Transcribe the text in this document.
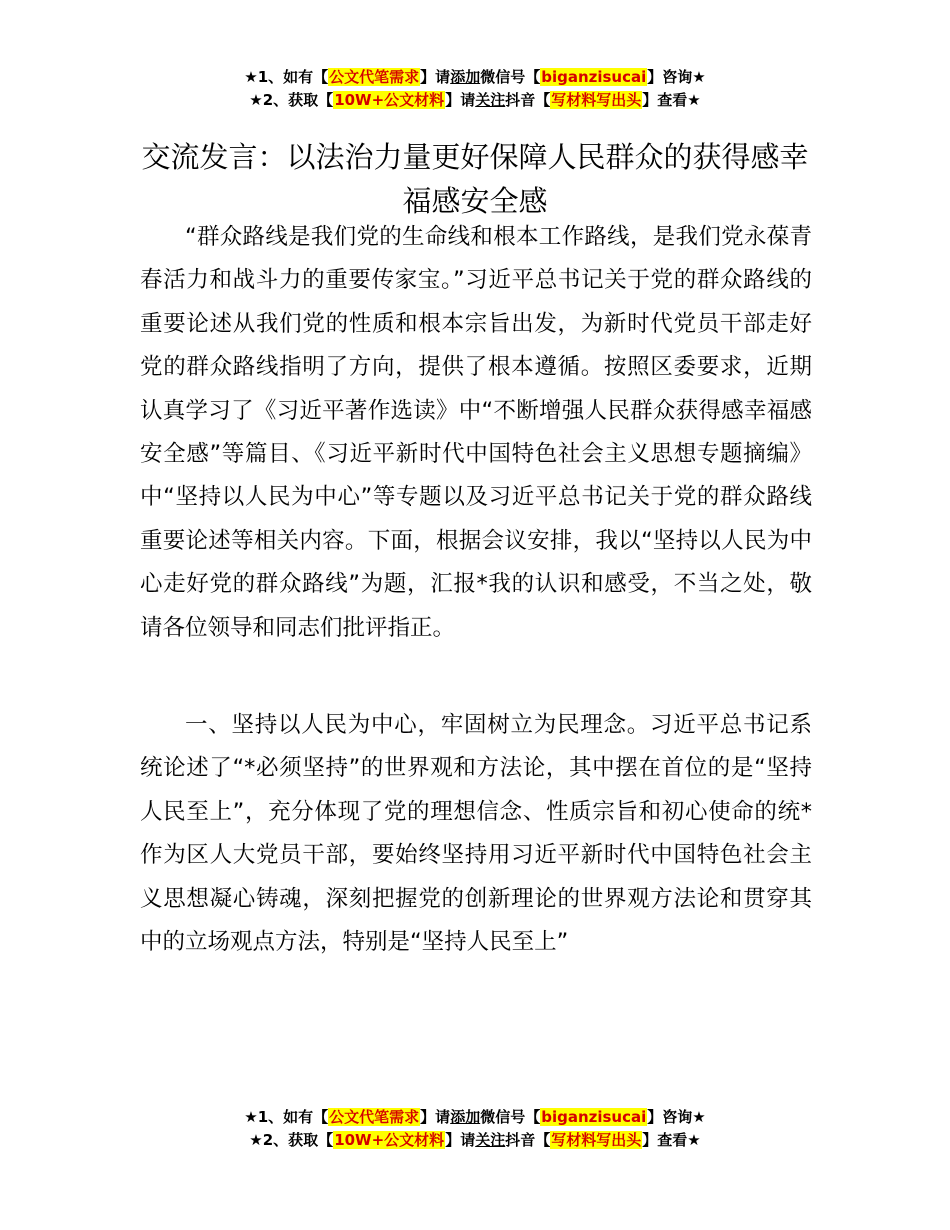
★1、如有【公文代笔需求】请添加微信号【biganzisucai】咨询★
★2、获取【10W+公文材料】请关注抖音【写材料写出头】查看★
交流发言：以法治力量更好保障人民群众的获得感幸福感安全感

“群众路线是我们党的生命线和根本工作路线，是我们党永葆青春活力和战斗力的重要传家宝。”习近平总书记关于党的群众路线的重要论述从我们党的性质和根本宗旨出发，为新时代党员干部走好党的群众路线指明了方向，提供了根本遵循。按照区委要求，近期认真学习了《习近平著作选读》中“不断增强人民群众获得感幸福感安全感”等篇目、《习近平新时代中国特色社会主义思想专题摘编》中“坚持以人民为中心”等专题以及习近平总书记关于党的群众路线重要论述等相关内容。下面，根据会议安排，我以“坚持以人民为中心走好党的群众路线”为题，汇报*我的认识和感受，不当之处，敬请各位领导和同志们批评指正。

一、坚持以人民为中心，牢固树立为民理念。习近平总书记系统论述了“*必须坚持”的世界观和方法论，其中摆在首位的是“坚持人民至上”，充分体现了党的理想信念、性质宗旨和初心使命的统*作为区人大党员干部，要始终坚持用习近平新时代中国特色社会主义思想凝心铸魂，深刻把握党的创新理论的世界观方法论和贯穿其中的立场观点方法，特别是“坚持人民至上”

★1、如有【公文代笔需求】请添加微信号【biganzisucai】咨询★
★2、获取【10W+公文材料】请关注抖音【写材料写出头】查看★
